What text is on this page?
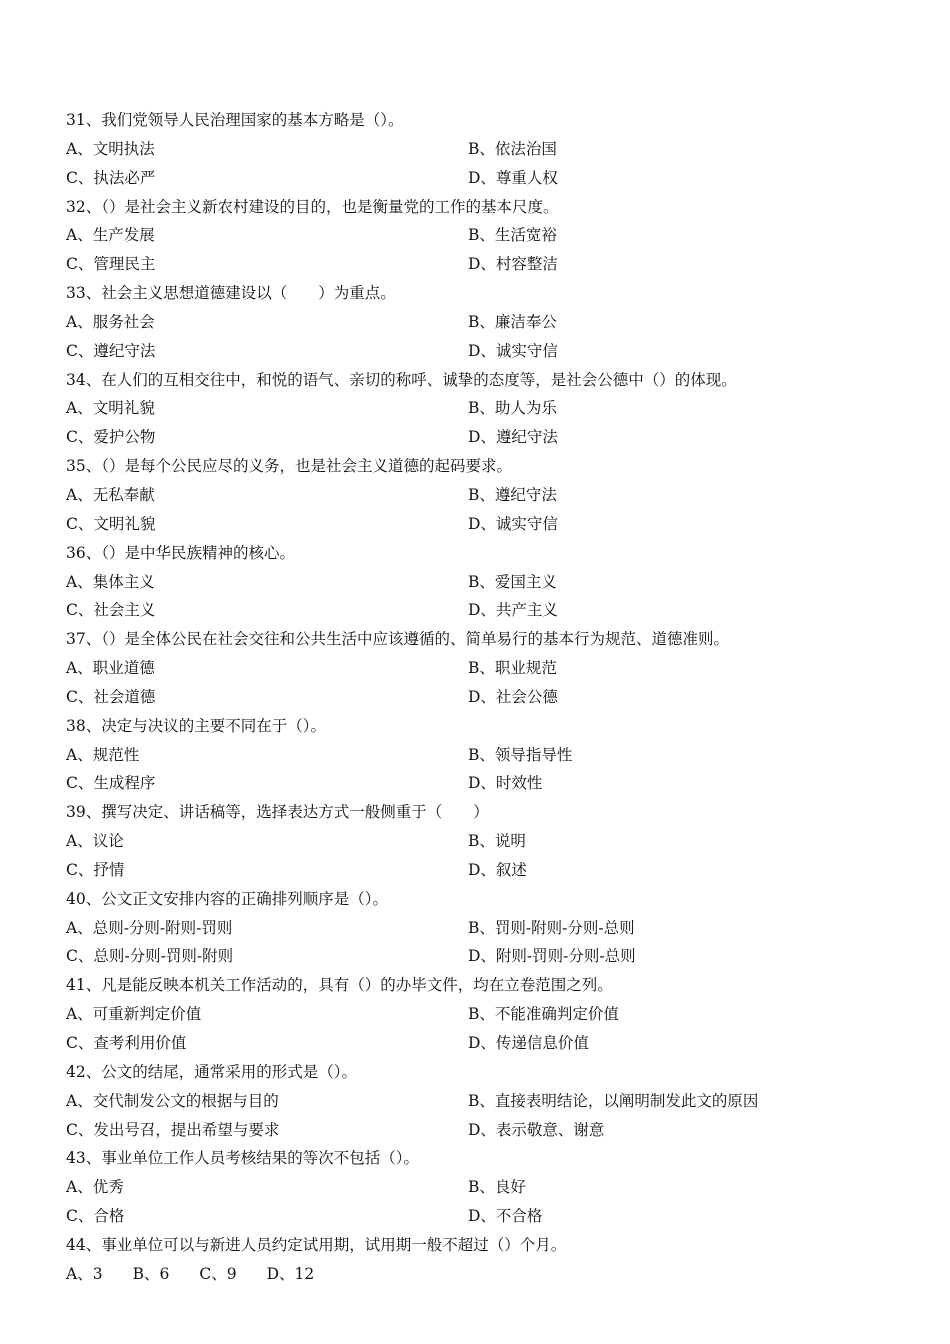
31、我们党领导人民治理国家的基本方略是（）。
A、文明执法	B、依法治国
C、执法必严	D、尊重人权
32、（）是社会主义新农村建设的目的，也是衡量党的工作的基本尺度。
A、生产发展	B、生活宽裕
C、管理民主	D、村容整洁
33、社会主义思想道德建设以（　　）为重点。
A、服务社会	B、廉洁奉公
C、遵纪守法	D、诚实守信
34、在人们的互相交往中，和悦的语气、亲切的称呼、诚挚的态度等，是社会公德中（）的体现。
A、文明礼貌	B、助人为乐
C、爱护公物	D、遵纪守法
35、（）是每个公民应尽的义务，也是社会主义道德的起码要求。
A、无私奉献	B、遵纪守法
C、文明礼貌	D、诚实守信
36、（）是中华民族精神的核心。
A、集体主义	B、爱国主义
C、社会主义	D、共产主义
37、（）是全体公民在社会交往和公共生活中应该遵循的、简单易行的基本行为规范、道德准则。
A、职业道德	B、职业规范
C、社会道德	D、社会公德
38、决定与决议的主要不同在于（）。
A、规范性	B、领导指导性
C、生成程序	D、时效性
39、撰写决定、讲话稿等，选择表达方式一般侧重于（　　）
A、议论	B、说明
C、抒情	D、叙述
40、公文正文安排内容的正确排列顺序是（）。
A、总则-分则-附则-罚则	B、罚则-附则-分则-总则
C、总则-分则-罚则-附则	D、附则-罚则-分则-总则
41、凡是能反映本机关工作活动的，具有（）的办毕文件，均在立卷范围之列。
A、可重新判定价值	B、不能准确判定价值
C、查考利用价值	D、传递信息价值
42、公文的结尾，通常采用的形式是（）。
A、交代制发公文的根据与目的	B、直接表明结论，以阐明制发此文的原因
C、发出号召，提出希望与要求	D、表示敬意、谢意
43、事业单位工作人员考核结果的等次不包括（）。
A、优秀	B、良好
C、合格	D、不合格
44、事业单位可以与新进人员约定试用期，试用期一般不超过（）个月。
A、3 B、6 C、9 D、12
